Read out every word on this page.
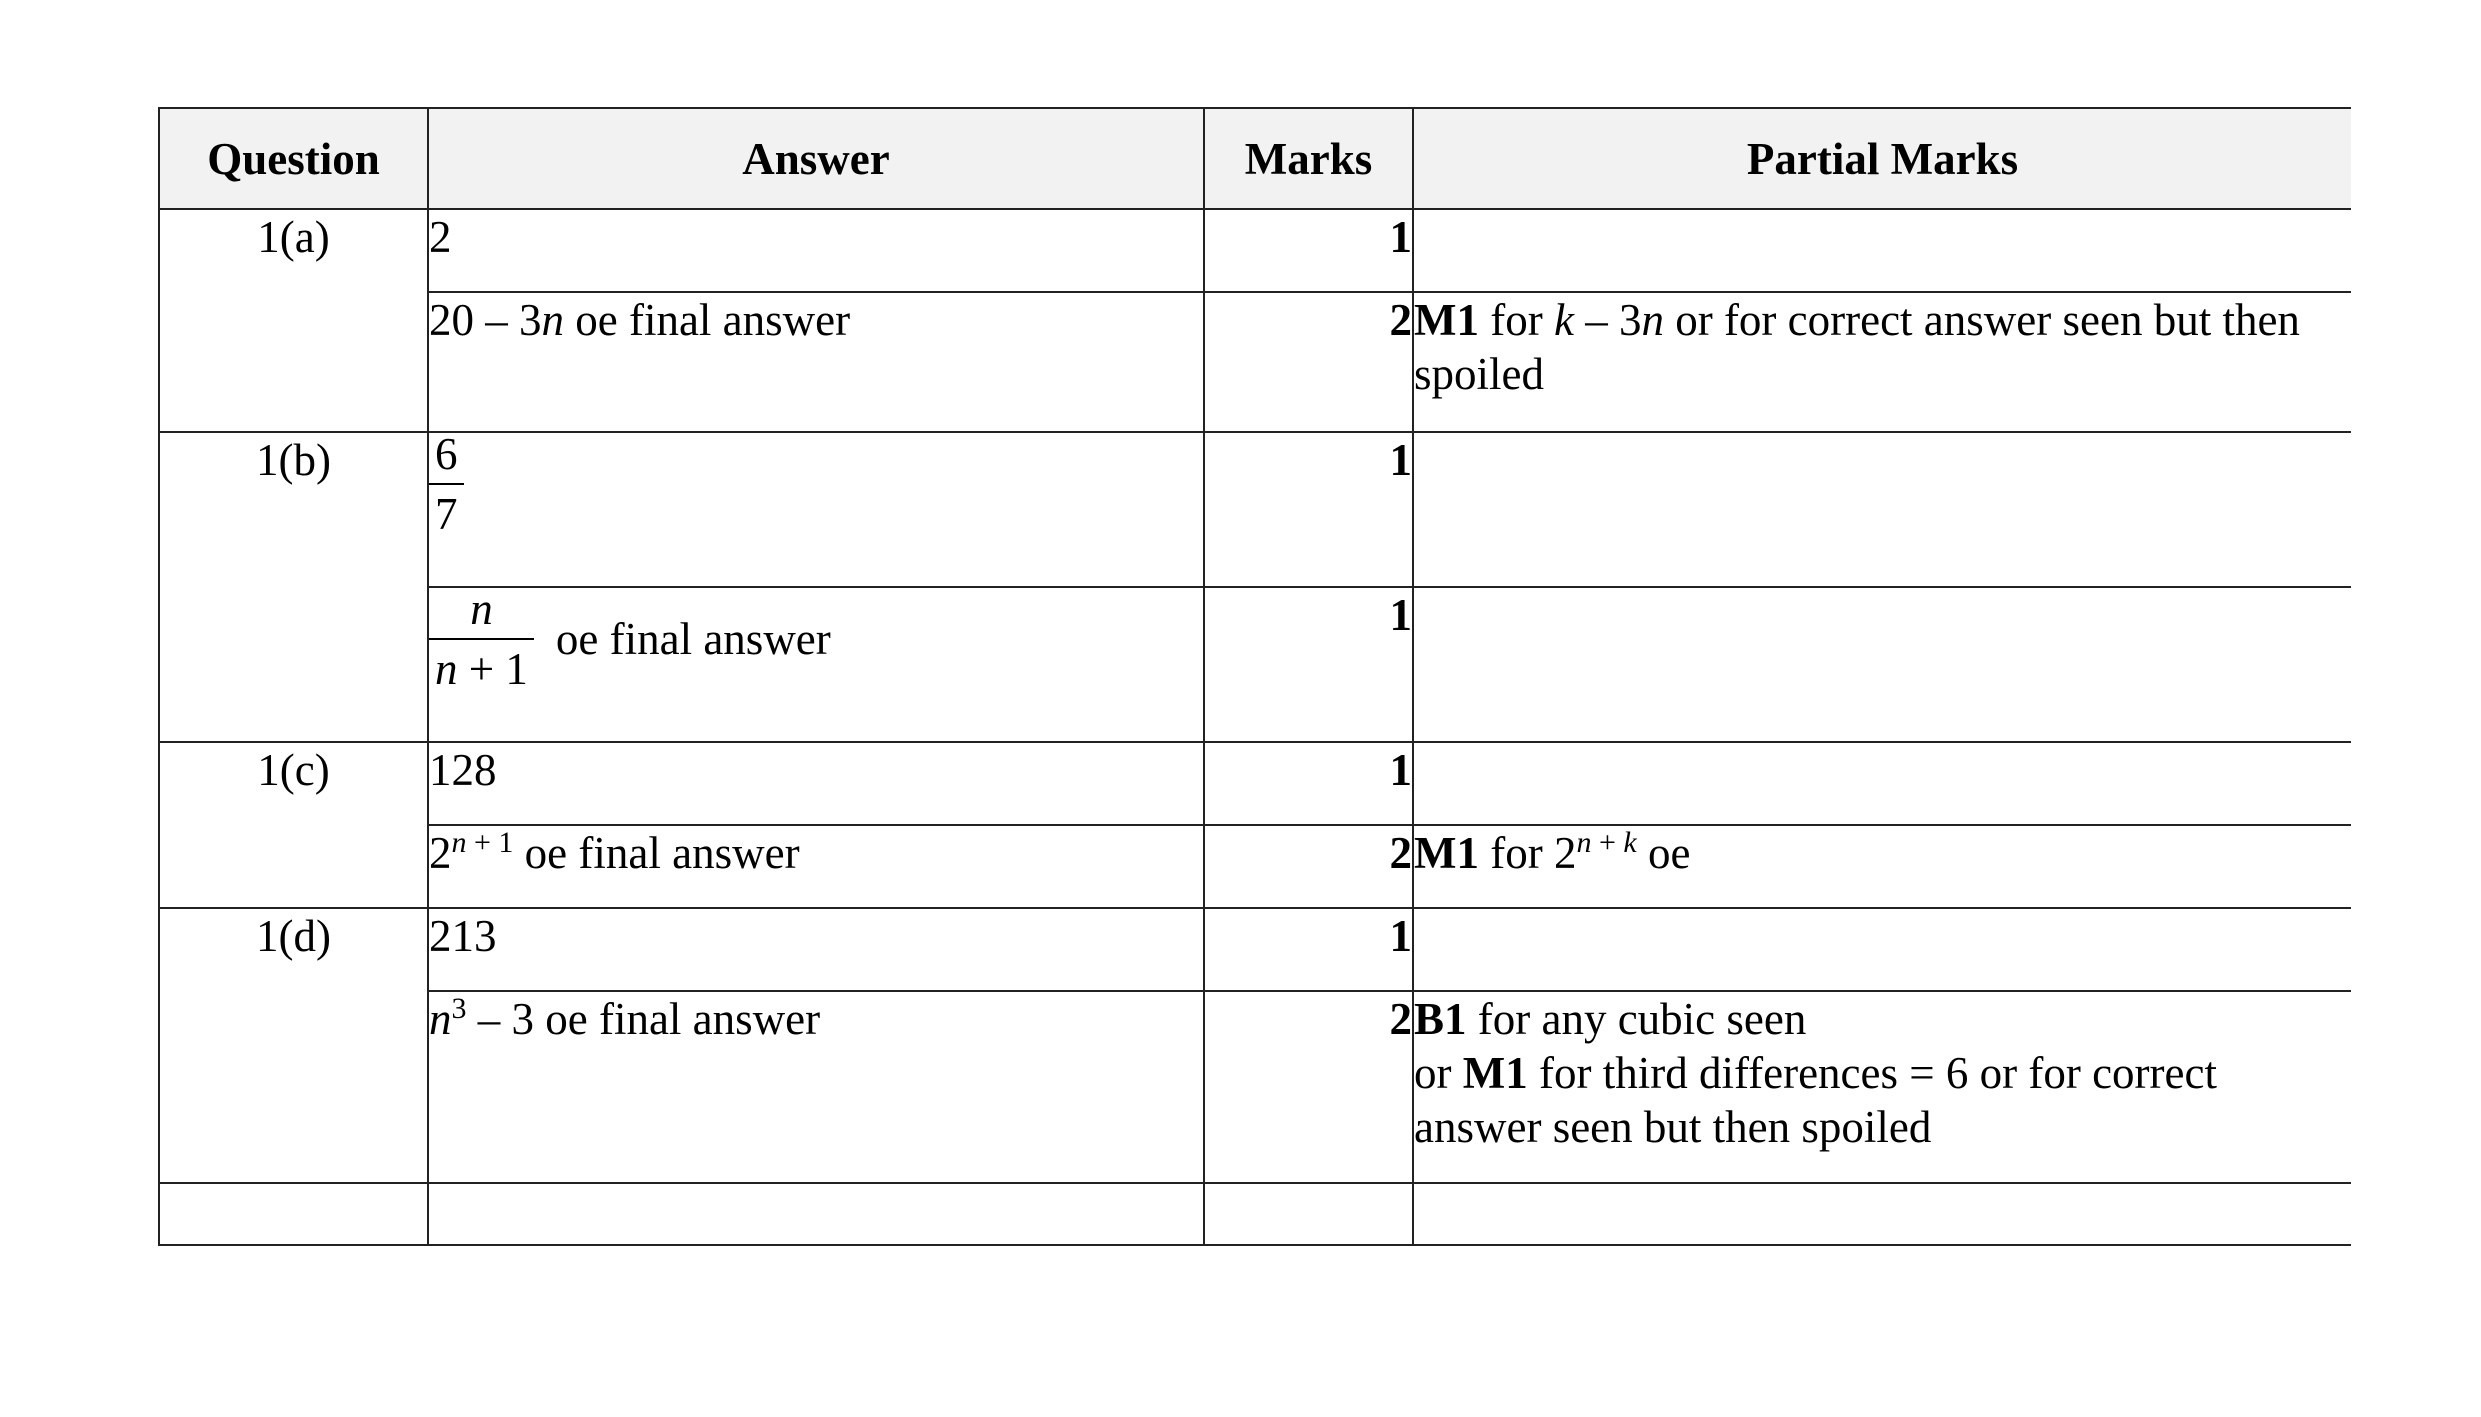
Question	Answer	Marks	Partial Marks
1(a)	2	1	
	20 – 3n oe final answer	2	M1 for k – 3n or for correct answer seen but then spoiled
1(b)	$\frac{6}{7}$	1	

	$\frac{n}{n + 1}$ oe final answer	1	
1(c)	128	1	
	$2^{n + 1}$ oe final answer	2	M1 for $2^{n + k}$ oe
1(d)	213	1	
	$n^3 - 3$ oe final answer	2	B1 for any cubic seen
or M1 for third differences = 6 or for correct answer seen but then spoiled
